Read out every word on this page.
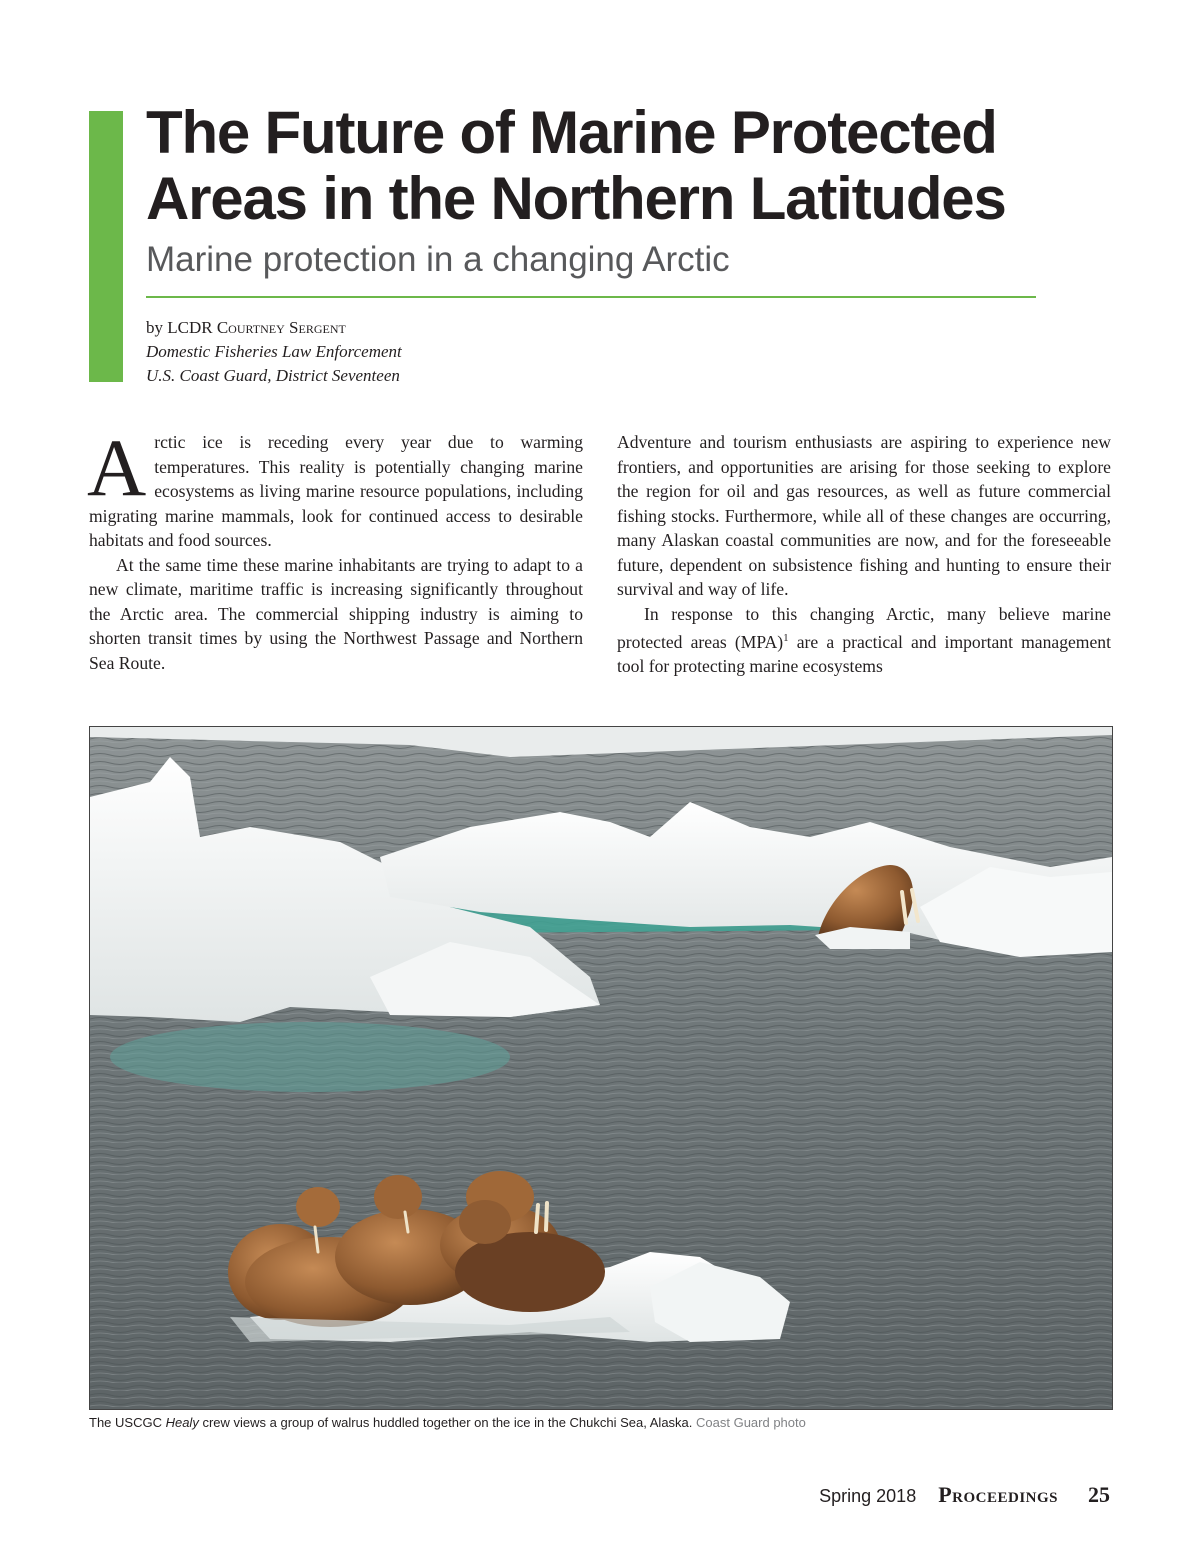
The Future of Marine Protected
Areas in the Northern Latitudes
Marine protection in a changing Arctic
by LCDR Courtney Sergent
Domestic Fisheries Law Enforcement
U.S. Coast Guard, District Seventeen

Arctic ice is receding every year due to warming temperatures. This reality is potentially changing marine ecosystems as living marine resource populations, including migrating marine mammals, look for continued access to desirable habitats and food sources.

At the same time these marine inhabitants are trying to adapt to a new climate, maritime traffic is increasing significantly throughout the Arctic area. The commercial shipping industry is aiming to shorten transit times by using the Northwest Passage and Northern Sea Route.

Adventure and tourism enthusiasts are aspiring to experience new frontiers, and opportunities are arising for those seeking to explore the region for oil and gas resources, as well as future commercial fishing stocks. Furthermore, while all of these changes are occurring, many Alaskan coastal communities are now, and for the foreseeable future, dependent on subsistence fishing and hunting to ensure their survival and way of life.

In response to this changing Arctic, many believe marine protected areas (MPA)$^1$ are a practical and important management tool for protecting marine ecosystems

The USCGC Healy crew views a group of walrus huddled together on the ice in the Chukchi Sea, Alaska. Coast Guard photo
Spring 2018 Proceedings 25
